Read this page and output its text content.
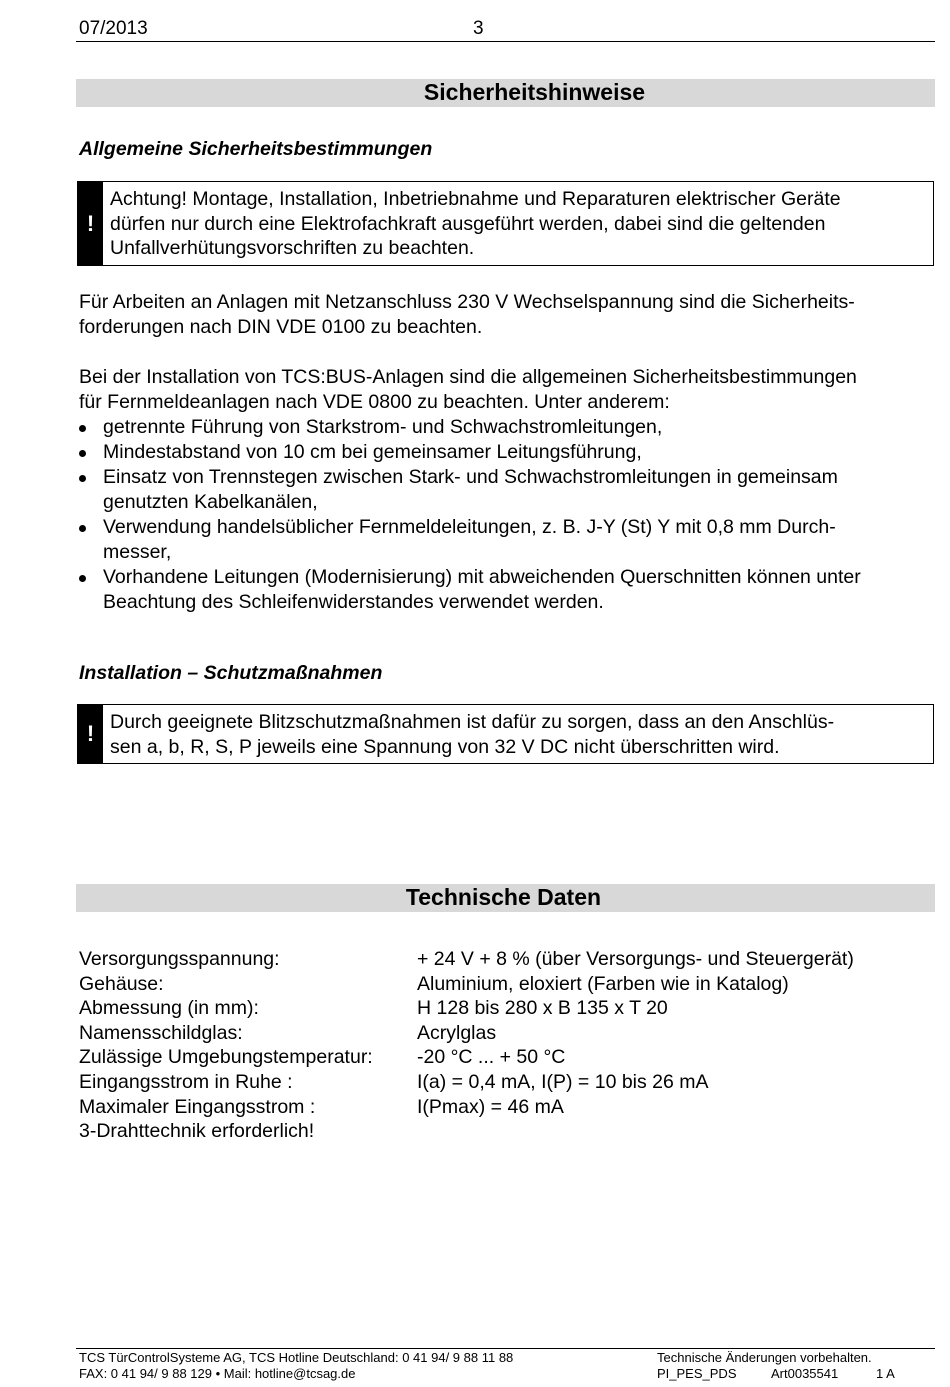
07/2013	3
Sicherheitshinweise
Allgemeine Sicherheitsbestimmungen
!
Achtung! Montage, Installation, Inbetriebnahme und Reparaturen elektrischer Geräte
dürfen nur durch eine Elektrofachkraft ausgeführt werden, dabei sind die geltenden
Unfallverhütungsvorschriften zu beachten.
Für Arbeiten an Anlagen mit Netzanschluss 230 V Wechselspannung sind die Sicherheits-
forderungen nach DIN VDE 0100 zu beachten.
Bei der Installation von TCS:BUS-Anlagen sind die allgemeinen Sicherheitsbestimmungen
für Fernmeldeanlagen nach VDE 0800 zu beachten. Unter anderem:
getrennte Führung von Starkstrom- und Schwachstromleitungen,
Mindestabstand von 10 cm bei gemeinsamer Leitungsführung,
Einsatz von Trennstegen zwischen Stark- und Schwachstromleitungen in gemeinsam
genutzten Kabelkanälen,
Verwendung handelsüblicher Fernmeldeleitungen, z. B. J-Y (St) Y mit 0,8 mm Durch-
messer,
Vorhandene Leitungen (Modernisierung) mit abweichenden Querschnitten können unter
Beachtung des Schleifenwiderstandes verwendet werden.
Installation – Schutzmaßnahmen
! Durch geeignete Blitzschutzmaßnahmen ist dafür zu sorgen, dass an den Anschlüs-
sen a, b, R, S, P jeweils eine Spannung von 32 V DC nicht überschritten wird.
Technische Daten
Versorgungsspannung:	+ 24 V + 8 % (über Versorgungs- und Steuergerät)
Gehäuse:	Aluminium, eloxiert (Farben wie in Katalog)
Abmessung (in mm):	H 128 bis 280 x B 135 x T 20
Namensschildglas:	Acrylglas
Zulässige Umgebungstemperatur: -20 °C ... + 50 °C
Eingangsstrom in Ruhe :	I(a) = 0,4 mA, I(P) = 10 bis 26 mA
Maximaler Eingangsstrom :	I(Pmax) = 46 mA
3-Drahttechnik erforderlich!
TCS TürControlSysteme AG, TCS Hotline Deutschland: 0 41 94/ 9 88 11 88
FAX: 0 41 94/ 9 88 129 • Mail: hotline@tcsag.de
Technische Änderungen vorbehalten.
PI_PES_PDS	Art0035541	1 A
